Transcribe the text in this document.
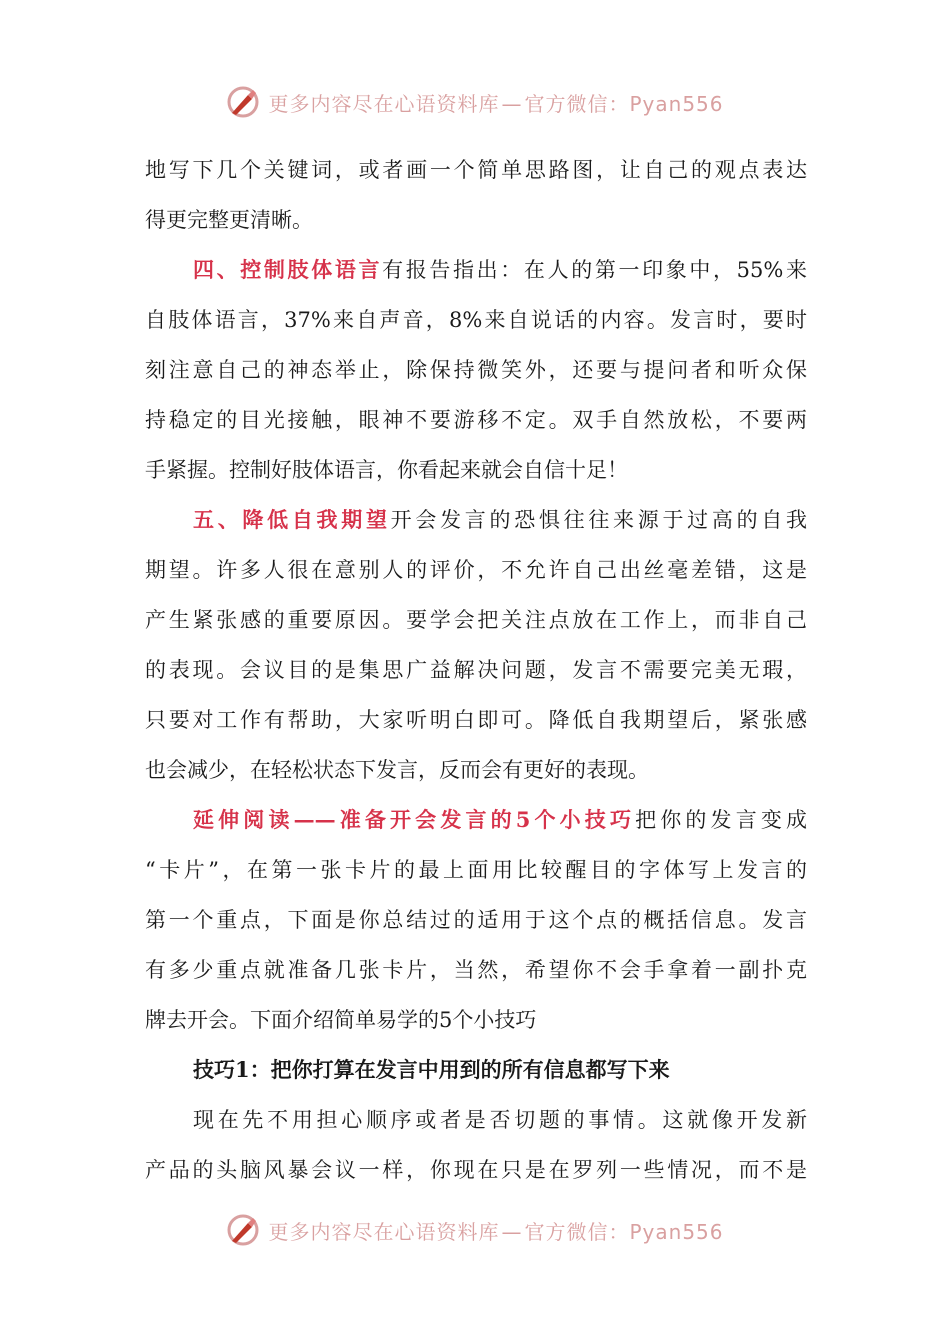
更多内容尽在心语资料库 — 官方微信：Pyan556
地写下几个关键词，或者画一个简单思路图，让自己的观点表达
得更完整更清晰。
四、控制肢体语言有报告指出：在人的第一印象中，55%来
自肢体语言，37%来自声音，8%来自说话的内容。发言时，要时
刻注意自己的神态举止，除保持微笑外，还要与提问者和听众保
持稳定的目光接触，眼神不要游移不定。双手自然放松，不要两
手紧握。控制好肢体语言，你看起来就会自信十足！
五、降低自我期望开会发言的恐惧往往来源于过高的自我
期望。许多人很在意别人的评价，不允许自己出丝毫差错，这是
产生紧张感的重要原因。要学会把关注点放在工作上，而非自己
的表现。会议目的是集思广益解决问题，发言不需要完美无瑕，
只要对工作有帮助，大家听明白即可。降低自我期望后，紧张感
也会减少，在轻松状态下发言，反而会有更好的表现。
延伸阅读——准备开会发言的5个小技巧把你的发言变成
“卡片”，在第一张卡片的最上面用比较醒目的字体写上发言的
第一个重点，下面是你总结过的适用于这个点的概括信息。发言
有多少重点就准备几张卡片，当然，希望你不会手拿着一副扑克
牌去开会。下面介绍简单易学的5个小技巧
技巧1：把你打算在发言中用到的所有信息都写下来
现在先不用担心顺序或者是否切题的事情。这就像开发新
产品的头脑风暴会议一样，你现在只是在罗列一些情况，而不是
更多内容尽在心语资料库 — 官方微信：Pyan556
